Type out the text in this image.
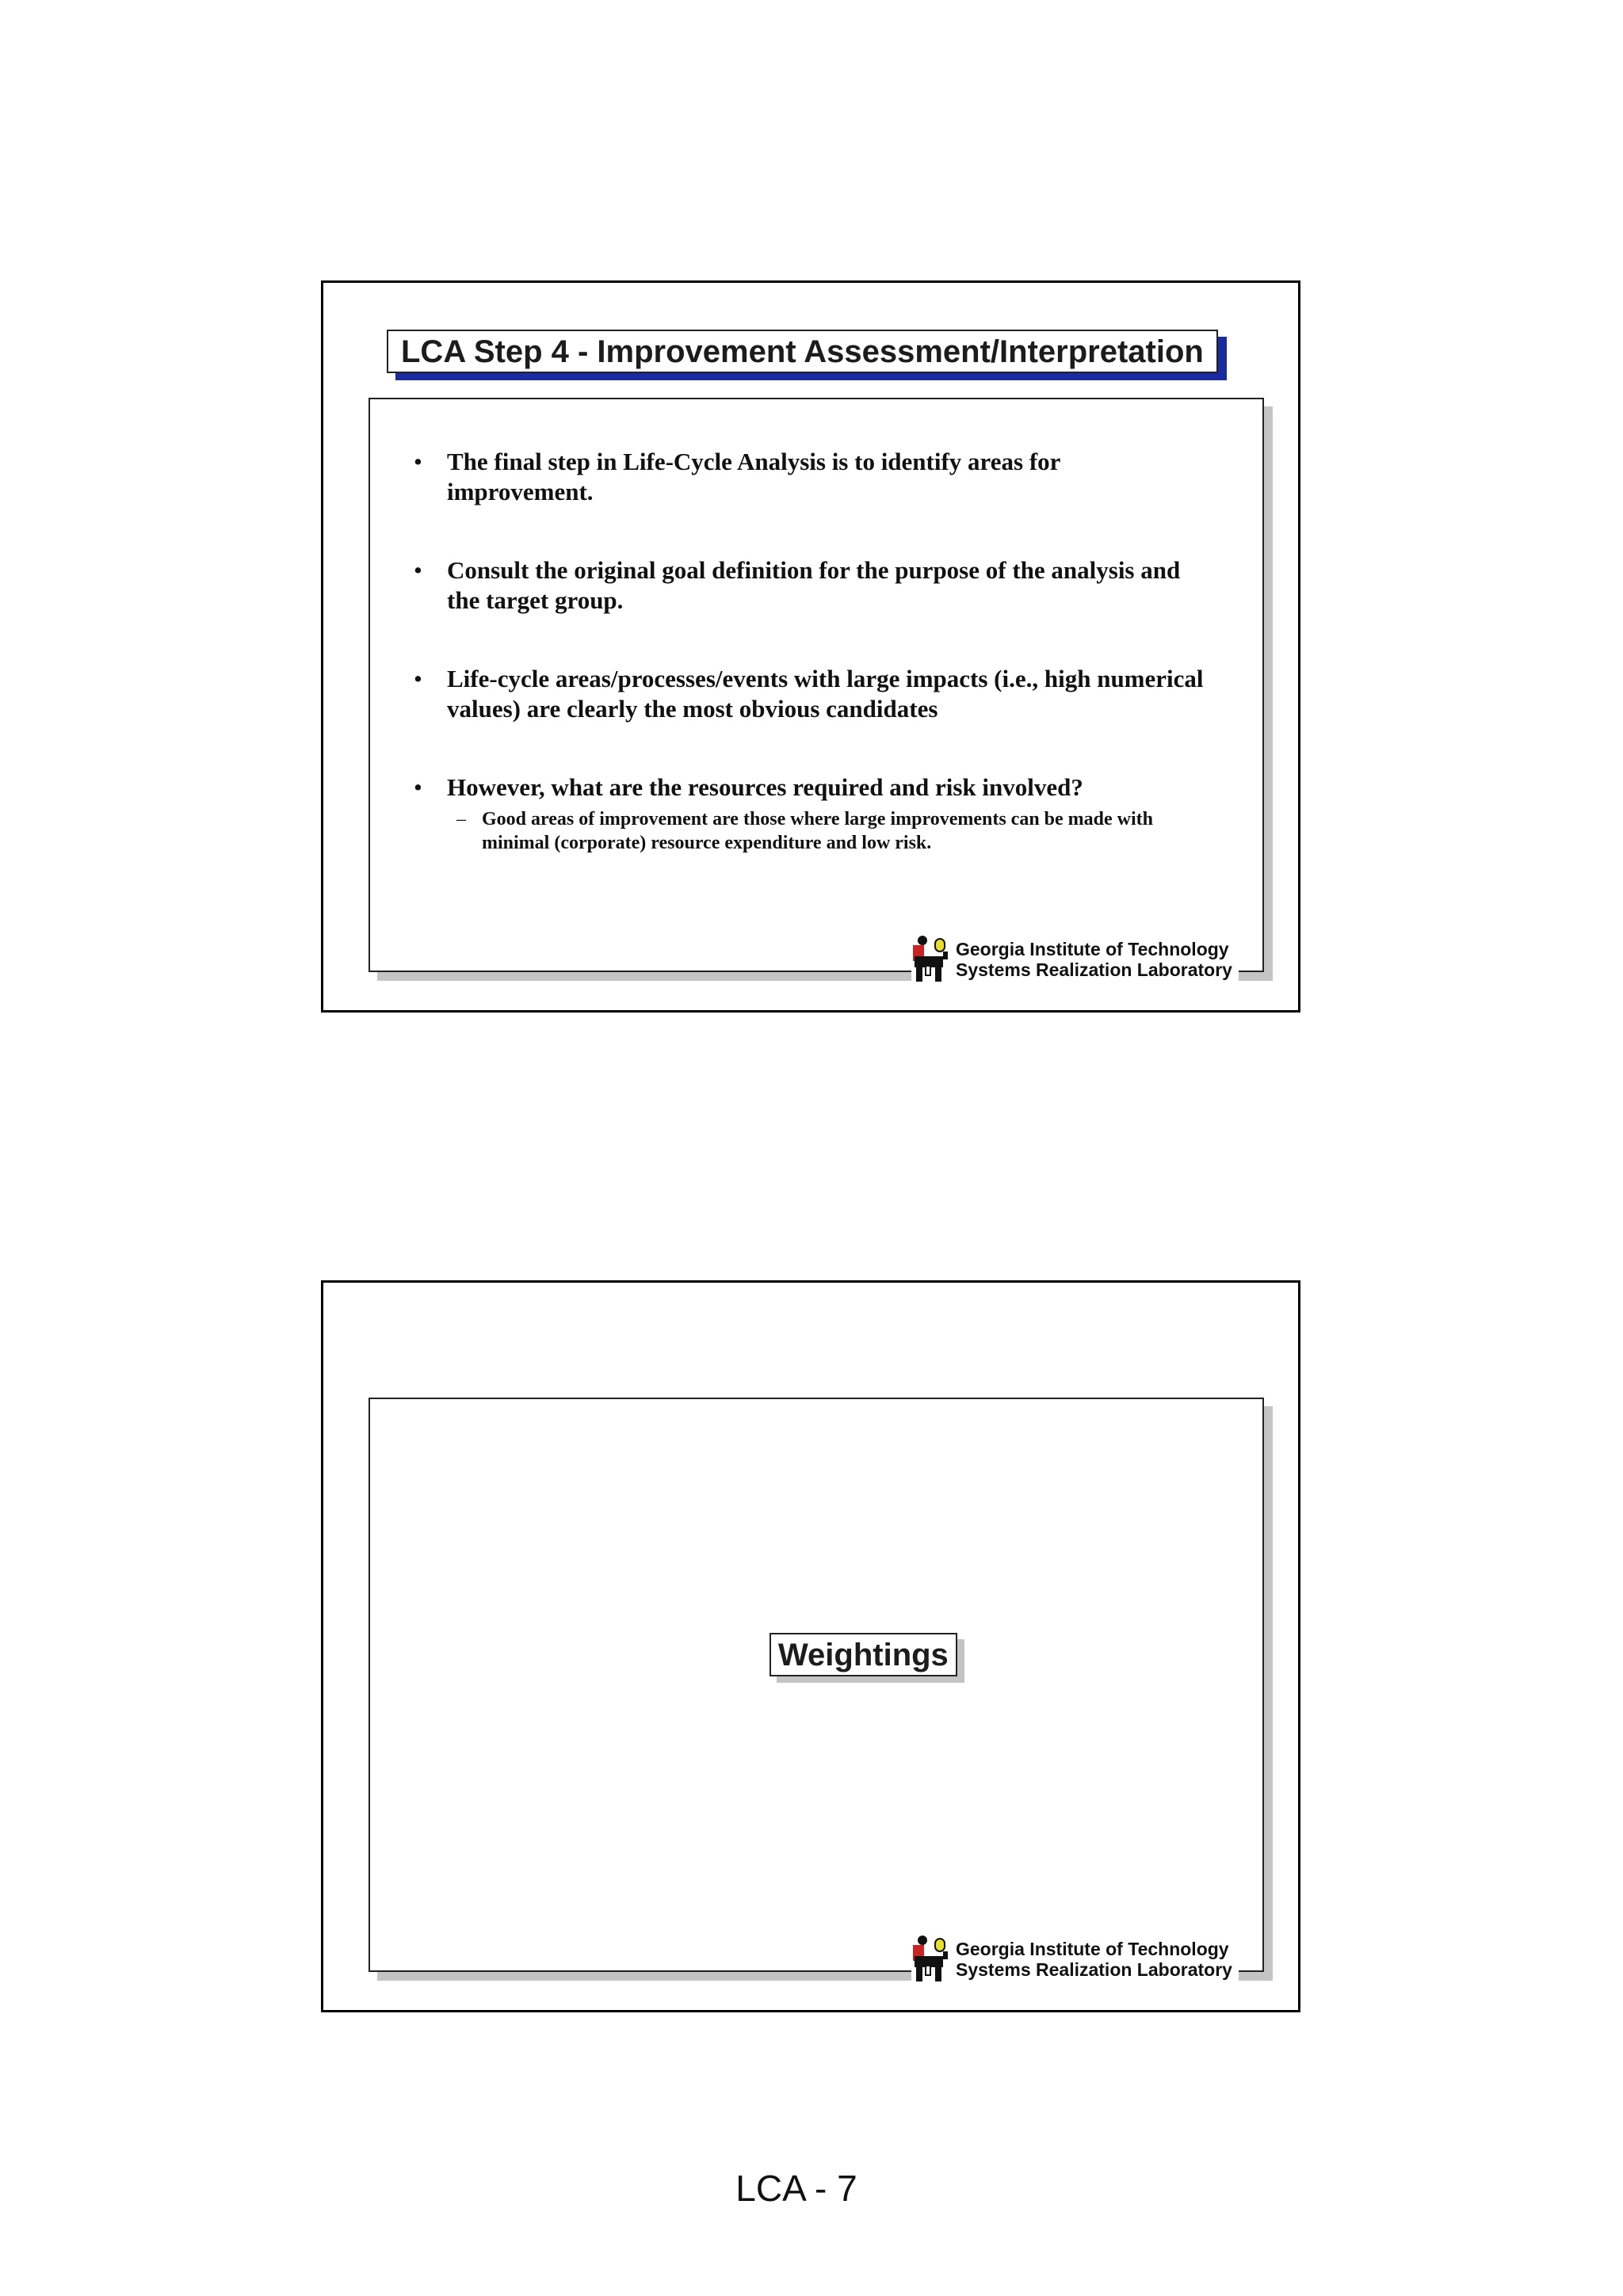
LCA Step 4 - Improvement Assessment/Interpretation
• The final step in Life-Cycle Analysis is to identify areas for improvement.
• Consult the original goal definition for the purpose of the analysis and the target group.
• Life-cycle areas/processes/events with large impacts (i.e., high numerical values) are clearly the most obvious candidates
• However, what are the resources required and risk involved?
– Good areas of improvement are those where large improvements can be made with minimal (corporate) resource expenditure and low risk.
Georgia Institute of Technology
Systems Realization Laboratory
Weightings
Georgia Institute of Technology
Systems Realization Laboratory
LCA - 7
